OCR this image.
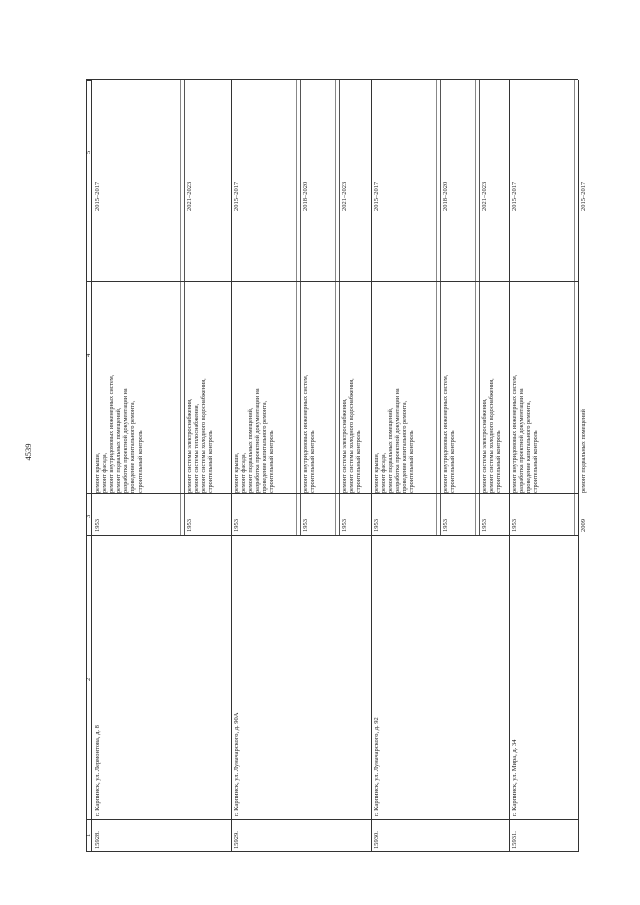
4539
1
2
3
4
5
15928.
г. Карпинск, ул. Лермонтова, д. 8
1953
ремонт крыши, ремонт фасада, ремонт внутридомовых инженерных систем, ремонт подвальных помещений, разработка проектной документации на проведение капитального ремонта, строительный контроль
2015–2017
1953
ремонт системы электроснабжения, ремонт системы теплоснабжения, ремонт системы холодного водоснабжения, строительный контроль
2021–2023
15929.
г. Карпинск, ул. Луначарского, д. 90А
1953
ремонт крыши, ремонт фасада, ремонт подвальных помещений, разработка проектной документации на проведение капитального ремонта, строительный контроль
2015–2017
1953
ремонт внутридомовых инженерных систем, строительный контроль
2018–2020
1953
ремонт системы электроснабжения, ремонт системы холодного водоснабжения, строительный контроль
2021–2023
15930.
г. Карпинск, ул. Луначарского, д. 92
1953
ремонт крыши, ремонт фасада, ремонт подвальных помещений, разработка проектной документации на проведение капитального ремонта, строительный контроль
2015–2017
1953
ремонт внутридомовых инженерных систем, строительный контроль
2018–2020
1953
ремонт системы электроснабжения, ремонт системы холодного водоснабжения, строительный контроль
2021–2023
15931.
г. Карпинск, ул. Мира, д. 34
1953
ремонт внутридомовых инженерных систем, разработка проектной документации на проведение капитального ремонта, строительный контроль
2015–2017
2009
ремонт подвальных помещений
2015–2017
